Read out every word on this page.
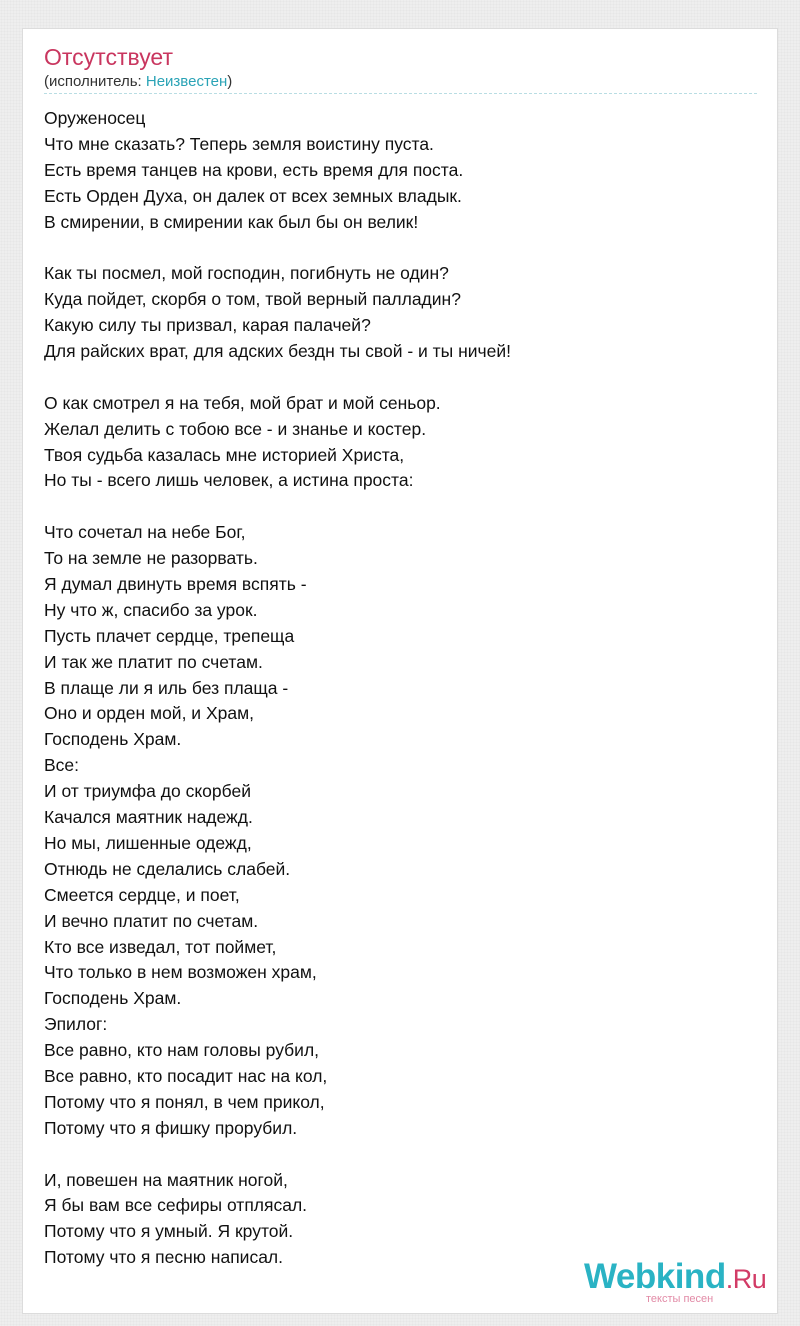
Отсутствует
(исполнитель: Неизвестен)
Оруженосец
Что мне сказать? Теперь земля воистину пуста.
Есть время танцев на крови, есть время для поста.
Есть Орден Духа, он далек от всех земных владык.
В смирении, в смирении как был бы он велик!
Как ты посмел, мой господин, погибнуть не один?
Куда пойдет, скорбя о том, твой верный палладин?
Какую силу ты призвал, карая палачей?
Для райских врат, для адских бездн ты свой - и ты ничей!
О как смотрел я на тебя, мой брат и мой сеньор.
Желал делить с тобою все - и знанье и костер.
Твоя судьба казалась мне историей Христа,
Но ты - всего лишь человек, а истина проста:
Что сочетал на небе Бог,
То на земле не разорвать.
Я думал двинуть время вспять -
Ну что ж, спасибо за урок.
Пусть плачет сердце, трепеща
И так же платит по счетам.
В плаще ли я иль без плаща -
Оно и орден мой, и Храм,
Господень Храм.
Все:
И от триумфа до скорбей
Качался маятник надежд.
Но мы, лишенные одежд,
Отнюдь не сделались слабей.
Смеется сердце, и поет,
И вечно платит по счетам.
Кто все изведал, тот поймет,
Что только в нем возможен храм,
Господень Храм.
Эпилог:
Все равно, кто нам головы рубил,
Все равно, кто посадит нас на кол,
Потому что я понял, в чем прикол,
Потому что я фишку прорубил.
И, повешен на маятник ногой,
Я бы вам все сефиры отплясал.
Потому что я умный. Я крутой.
Потому что я песню написал.	Webkind.Ru
тексты песен
